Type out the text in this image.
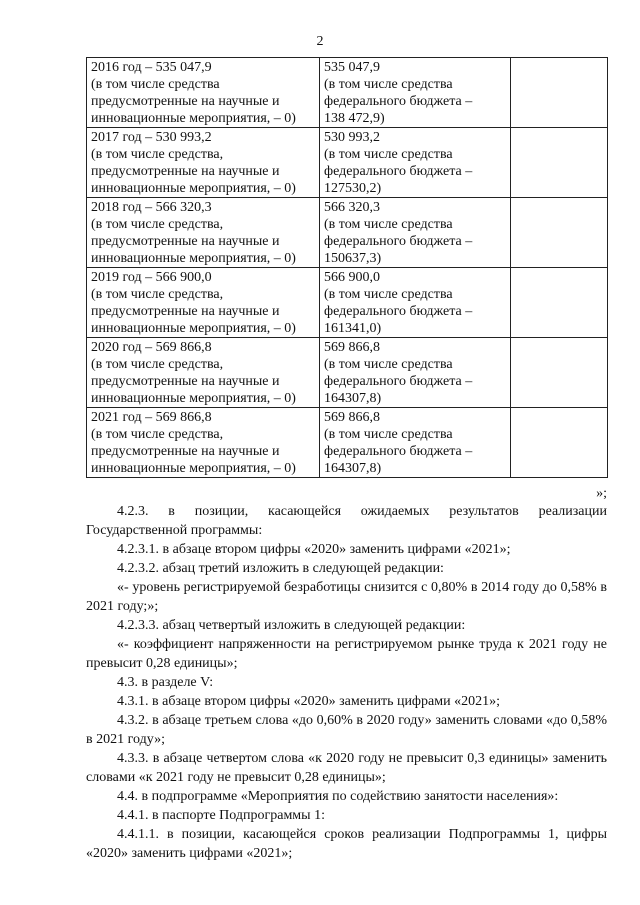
2
2016 год – 535 047,9
(в том числе средства
предусмотренные на научные и
инновационные мероприятия, – 0)	535 047,9
(в том числе средства
федерального бюджета –
138 472,9)	

2017 год – 530 993,2
(в том числе средства,
предусмотренные на научные и
инновационные мероприятия, – 0)	530 993,2
(в том числе средства
федерального бюджета –
127530,2)	

2018 год – 566 320,3
(в том числе средства,
предусмотренные на научные и
инновационные мероприятия, – 0)	566 320,3
(в том числе средства
федерального бюджета –
150637,3)	

2019 год – 566 900,0
(в том числе средства,
предусмотренные на научные и
инновационные мероприятия, – 0)	566 900,0
(в том числе средства
федерального бюджета –
161341,0)	

2020 год – 569 866,8
(в том числе средства,
предусмотренные на научные и
инновационные мероприятия, – 0)	569 866,8
(в том числе средства
федерального бюджета –
164307,8)	

2021 год – 569 866,8
(в том числе средства,
предусмотренные на научные и
инновационные мероприятия, – 0)	569 866,8
(в том числе средства
федерального бюджета –
164307,8)	

»;

4.2.3. в позиции, касающейся ожидаемых результатов реализации Государственной программы:

4.2.3.1. в абзаце втором цифры «2020» заменить цифрами «2021»;

4.2.3.2. абзац третий изложить в следующей редакции:

«- уровень регистрируемой безработицы снизится с 0,80% в 2014 году до 0,58% в 2021 году;»;

4.2.3.3. абзац четвертый изложить в следующей редакции:

«- коэффициент напряженности на регистрируемом рынке труда к 2021 году не превысит 0,28 единицы»;

4.3. в разделе V:

4.3.1. в абзаце втором цифры «2020» заменить цифрами «2021»;

4.3.2. в абзаце третьем слова «до 0,60% в 2020 году» заменить словами «до 0,58% в 2021 году»;

4.3.3. в абзаце четвертом слова «к 2020 году не превысит 0,3 единицы» заменить словами «к 2021 году не превысит 0,28 единицы»;

4.4. в подпрограмме «Мероприятия по содействию занятости населения»:

4.4.1. в паспорте Подпрограммы 1:

4.4.1.1. в позиции, касающейся сроков реализации Подпрограммы 1, цифры «2020» заменить цифрами «2021»;
